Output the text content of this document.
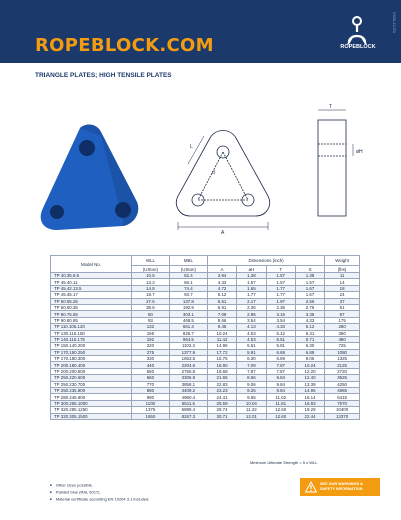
ROPEBLOCK.COM	ROPEBLOCK
0300-12-R1
TRIANGLE PLATES; HIGH TENSILE PLATES
L
d
A
T
øH
Model No.	WLL	MBL	Dimensions (inch)				Weight
	(USton)	(USton)	A	øH	T	S	(lbs)
TP 40.35.9.5	10.5	52.4	3.94	1.38	1.57	1.38	11
TP 45.40.11	13.2	66.1	4.33	1.57	1.57	1.57	14
TP 45.42.13.5	14.8	74.4	4.72	1.65	1.77	1.67	18
TP 45.45.17	18.7	93.7	5.12	1.77	1.77	1.67	24
TP 50.55.25	27.6	137.8	5.51	2.17	1.97	2.56	37
TP 60.60.35	38.6	192.9	5.91	2.36	2.36	2.76	51
TP 80.75.55	60	303.1	7.09	2.95	3.15	3.35	97
TP 90.90.85	93	468.5	8.66	3.54	3.54	4.33	175
TP 110.105.120	132	661.4	9.45	4.13	4.33	5.12	280
TP 130.115.150	165	826.7	10.24	4.53	5.12	5.31	360
TP 140.115.175	192	964.5	11.42	4.53	5.51	5.71	480
TP 150.140.200	220	1102.3	14.96	5.51	5.91	6.30	725
TP 170.150.250	275	1377.9	17.72	5.91	6.69	6.89	1080
TP 170.180.300	330	1653.5	15.75	6.30	6.69	9.06	1325
TP 200.180.400	440	2204.6	18.90	7.09	7.87	10.24	2125
TP 200.200.500	550	2755.8	19.69	7.87	7.87	12.20	2720
TP 250.220.600	660	3306.9	21.65	8.66	9.84	12.40	3525
TP 250.230.700	770	3858.1	22.83	9.06	9.84	13.39	4250
TP 250.235.800	880	4409.2	23.23	9.25	9.84	14.96	4965
TP 280.245.900	990	4960.4	24.41	9.65	11.02	16.14	6415
TP 300.255.1000	1100	5511.6	25.59	10.04	11.81	16.93	7570
TP 320.285.1250	1375	6889.4	28.74	11.22	12.60	19.29	10400
TP 320.305.1500	1650	8267.3	30.71	12.01	12.60	22.44	13370
Minimum Ultimate Strength = 5 x WLL
■ Other sizes possible.
■ Painted blue (RAL 5017).
■ Material certificate according EN 10204 3.1 included.
SEE OUR WARNINGS &
SAFETY INFORMATION
